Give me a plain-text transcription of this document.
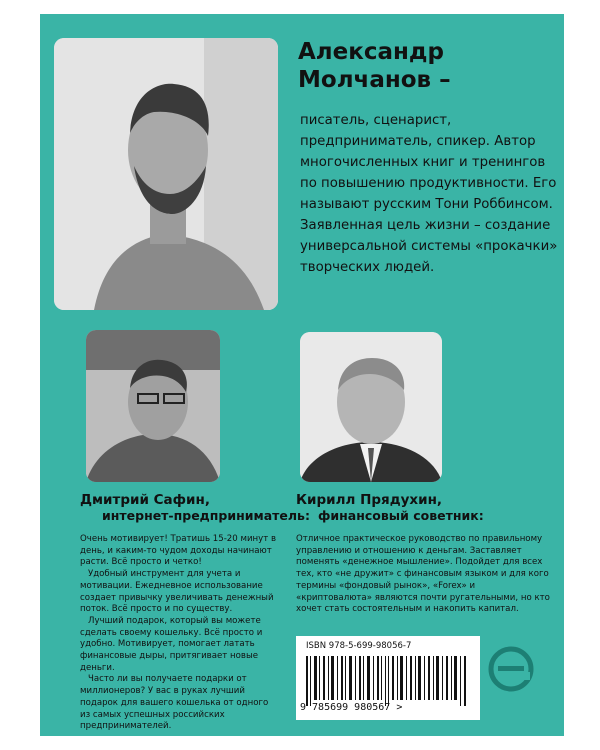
Александр
Молчанов –

писатель, сценарист, предприниматель, спикер. Автор многочисленных книг и тренингов по повышению продуктивности. Его называют русским Тони Роббинсом. Заявленная цель жизни – создание универсальной системы «прокачки» творческих людей.

Дмитрий Сафин,

интернет-предприниматель:

Кирилл Прядухин,

финансовый советник:

Очень мотивирует! Тратишь 15-20 минут в день, и каким-то чудом доходы начинают расти. Всё просто и четко!
Удобный инструмент для учета и мотивации. Ежедневное использование создает привычку увеличивать денежный поток. Всё просто и по существу.
Лучший подарок, который вы можете сделать своему кошельку. Всё просто и удобно. Мотивирует, помогает латать финансовые дыры, притягивает новые деньги.
Часто ли вы получаете подарки от миллионеров? У вас в руках лучший подарок для вашего кошелька от одного из самых успешных российских предпринимателей.
Отличное практическое руководство по правильному управлению и отношению к деньгам. Заставляет поменять «денежное мышление». Подойдет для всех тех, кто «не дружит» с финансовым языком и для кого термины «фондовый рынок», «Forex» и «криптовалюта» являются почти ругательными, но кто хочет стать состоятельным и накопить капитал.
ISBN 978-5-699-98056-7
9 785699 980567 >
